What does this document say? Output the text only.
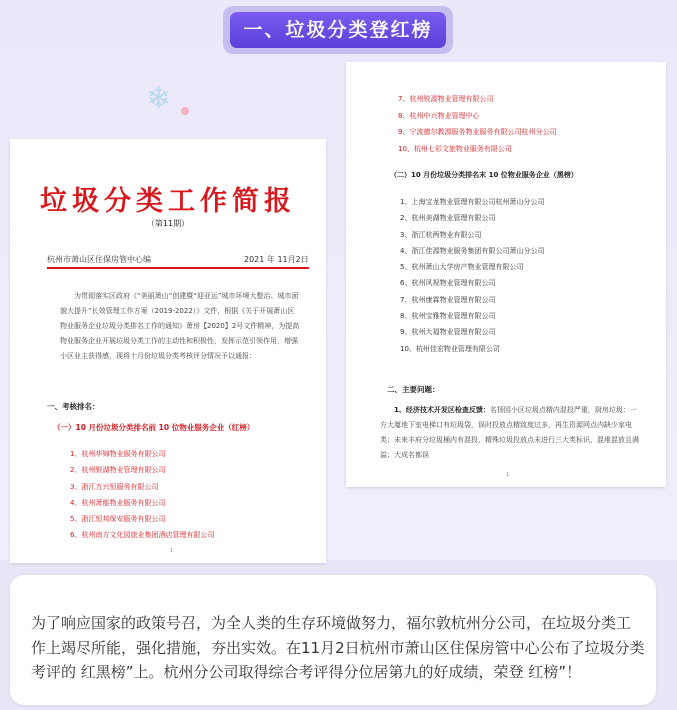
一、垃圾分类登红榜
❄
垃圾分类工作简报
（第11期）
杭州市萧山区住保房管中心编	2021 年 11月2日
为贯彻落实区政府《“美丽萧山”创建暨“迎亚运”城市环境大整治、城市面貌大提升”长效管理工作方案（2019-2022）》文件，根据《关于开展萧山区物业服务企业垃圾分类排名工作的通知》萧房【2020】2号文件精神，为提高物业服务企业开展垃圾分类工作的主动性和积极性，发挥示范引领作用，增强小区业主获得感，现将十月份垃圾分类考核评分情况予以通报：
一、考核排名：
（一）10 月份垃圾分类排名前 10 位物业服务企业（红榜）
1、杭州华锦物业服务有限公司
2、杭州银湖物业管理有限公司
3、浙江万兴恒服务有限公司
4、杭州萧能物业服务有限公司
5、浙江恒邦保安服务有限公司
6、杭州南方文化园旅业集团酒店管理有限公司
1
7、杭州锐源物业管理有限公司
8、杭州中兴物业管理中心
9、宁波德尔教源服务物业服务有限公司杭州分公司
10、杭州七彩文旅物业服务有限公司
（二）10 月份垃圾分类排名末 10 位物业服务企业（黑榜）
1、上海宝龙物业管理有限公司杭州萧山分公司
2、杭州美湖物业管理有限公司
3、浙江杭两物业有限公司
4、浙江佳源物业服务集团有限公司萧山分公司
5、杭州萧山大学房产物业管理有限公司
6、杭州风视物业管理有限公司
7、杭州康霖物业管理有限公司
8、杭州宝雅物业管理有限公司
9、杭州大福物业管理有限公司
10、杭州佳宏物业管理有限公司
二、主要问题：
1、经济技术开发区检查反馈：名扬园小区垃圾点精内混投严重，厨房垃圾：一方大厦地下室电梯口有垃圾袋，误时投放点精致度过多，再生资源网点内缺少家电类；未来丰府分垃圾桶内有混投，精殊垃圾投放点未进行三大类标识，混堆混放且满溢；大成名都误
1
为了响应国家的政策号召，为全人类的生存环境做努力，福尔敦杭州分公司，在垃圾分类工作上竭尽所能，强化措施，夯出实效。在11月2日杭州市萧山区住保房管中心公布了垃圾分类考评的 红黑榜”上。杭州分公司取得综合考评得分位居第九的好成绩，荣登 红榜”！
